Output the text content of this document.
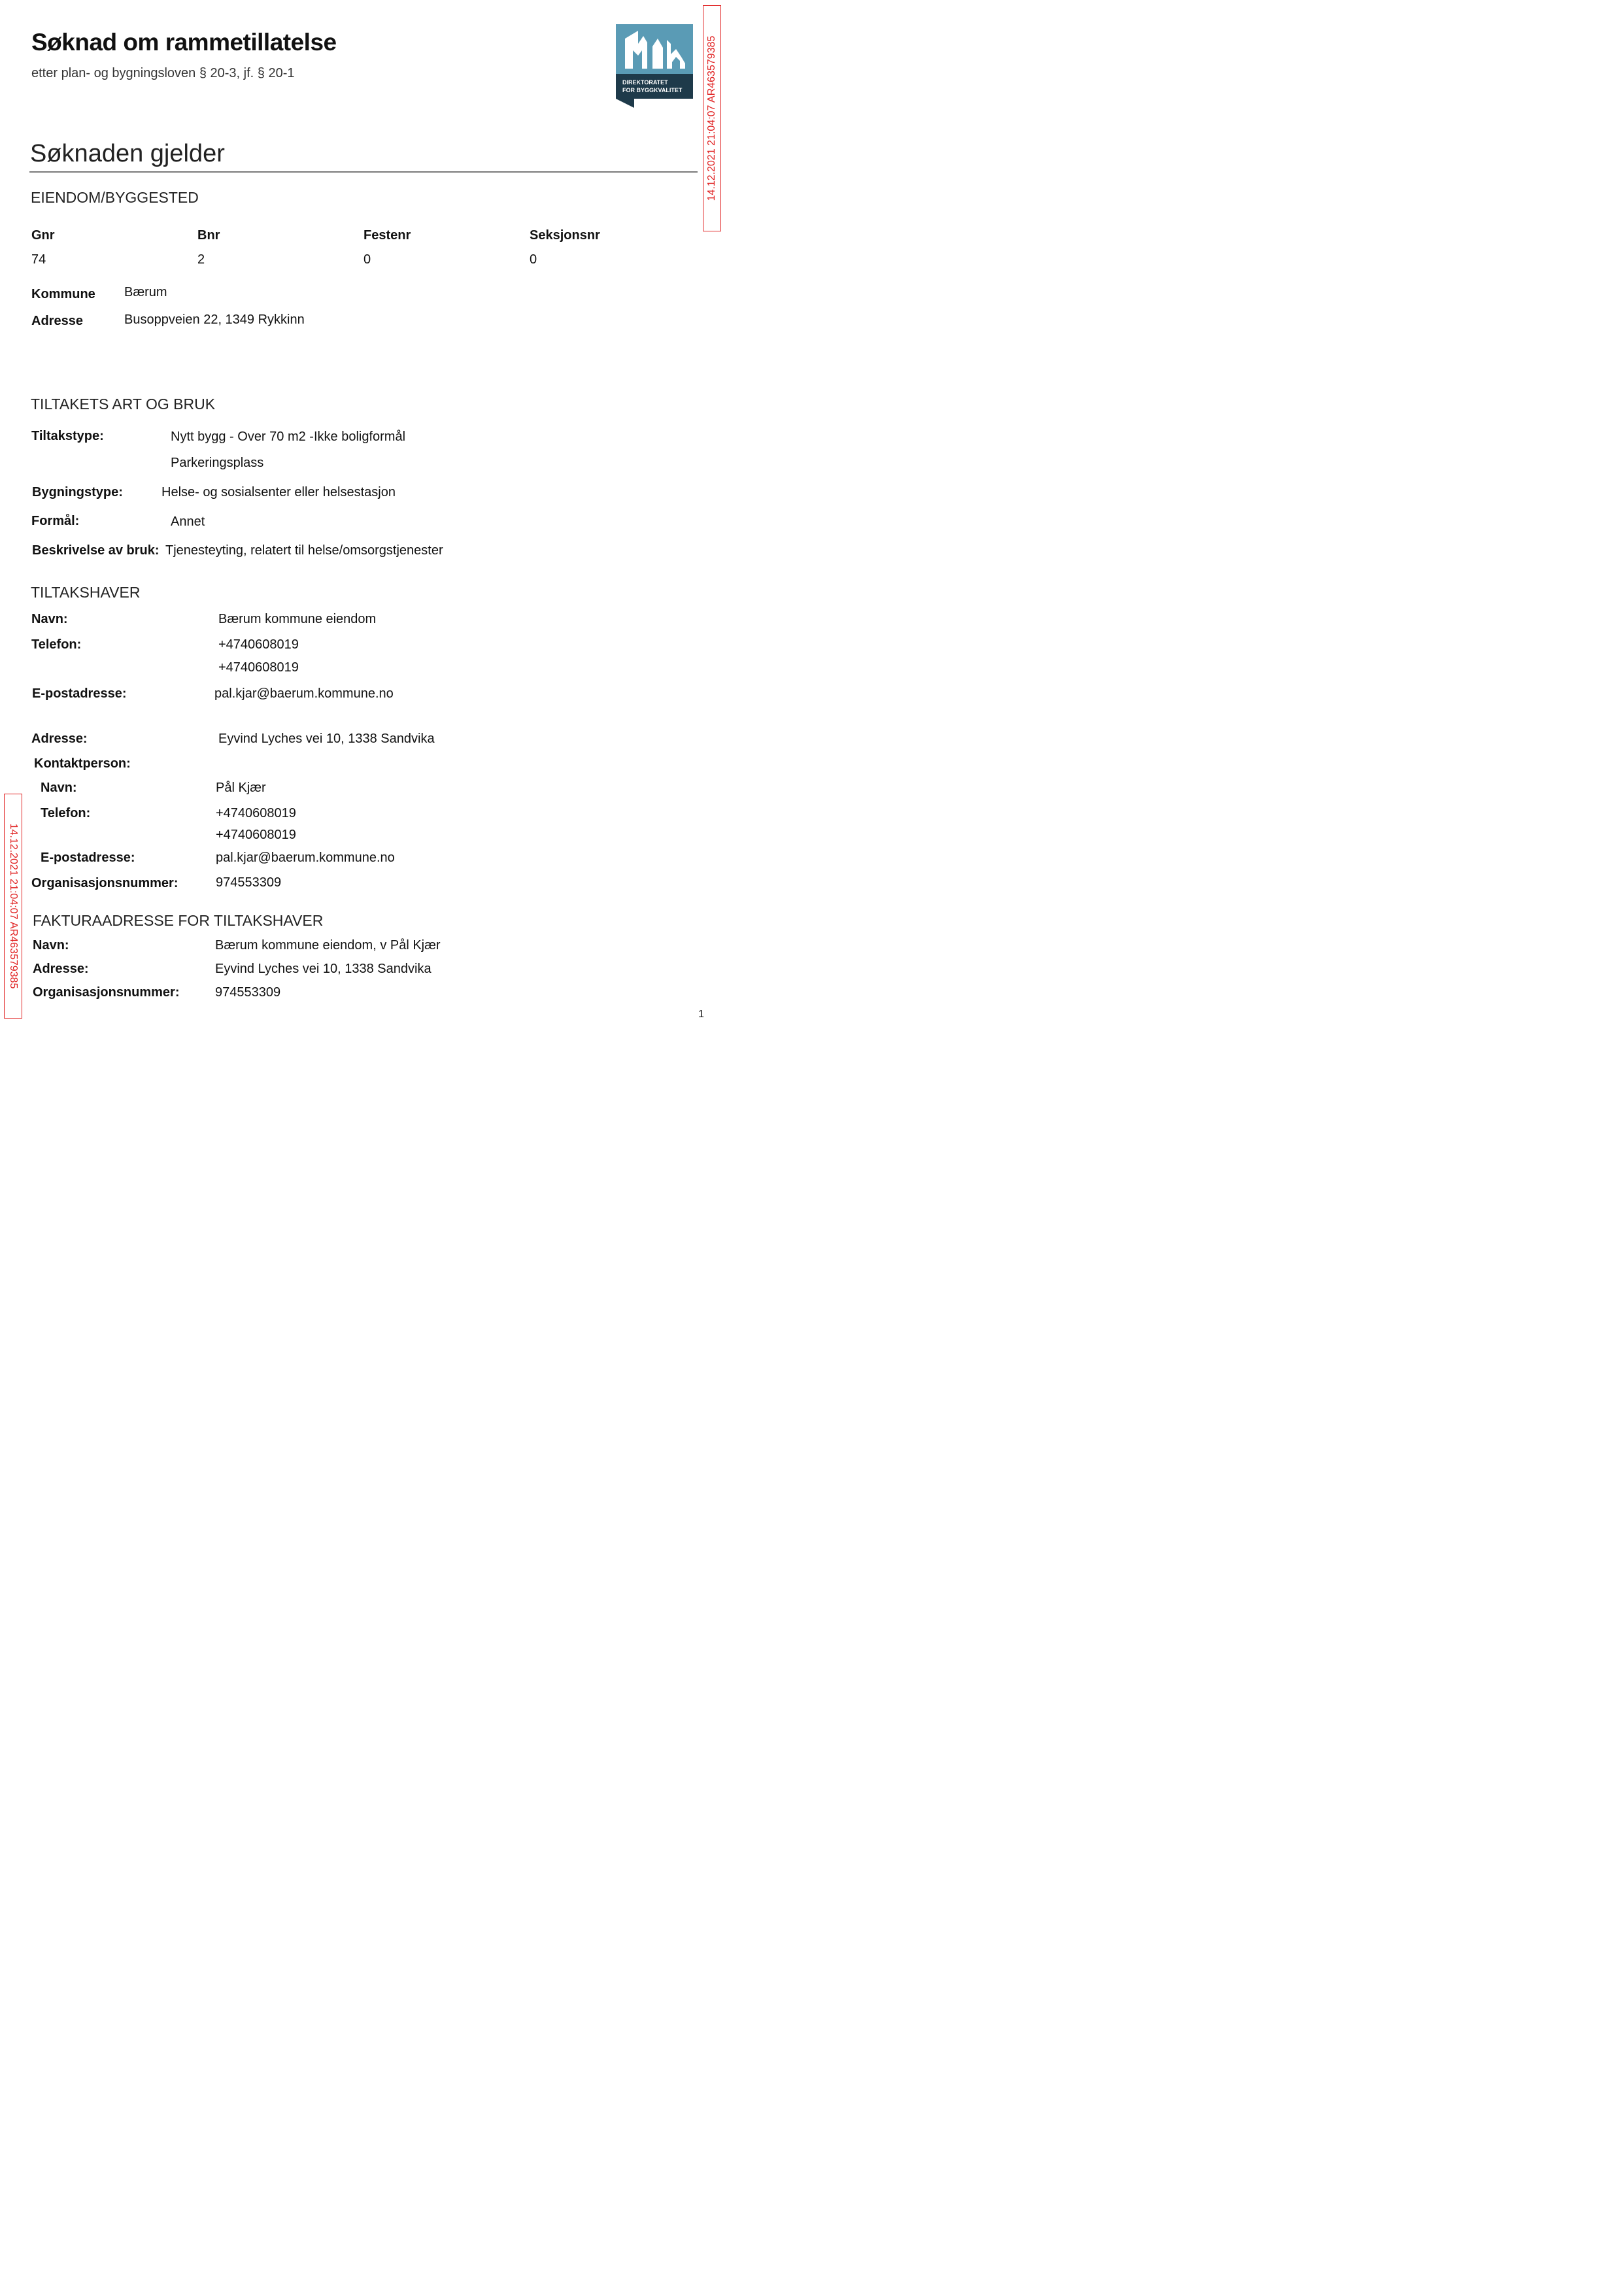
Søknad om rammetillatelse
etter plan- og bygningsloven § 20-3, jf. § 20-1
DIREKTORATET
FOR BYGGKVALITET 14.12.2021 21:04:07 AR463579385
14.12.2021 21:04:07 AR463579385
Søknaden gjelder
EIENDOM/BYGGESTED
Gnr	Bnr	Festenr	Seksjonsnr
74	2	0	0
Kommune Bærum
Adresse	Busoppveien 22, 1349 Rykkinn
TILTAKETS ART OG BRUK
Tiltakstype:	Nytt bygg - Over 70 m2 -Ikke boligformål
Parkeringsplass
Bygningstype:	Helse- og sosialsenter eller helsestasjon
Formål:	Annet
Beskrivelse av bruk: Tjenesteyting, relatert til helse/omsorgstjenester
TILTAKSHAVER
Navn:	Bærum kommune eiendom
Telefon:	+4740608019
+4740608019
E-postadresse:	pal.kjar@baerum.kommune.no
Adresse:	Eyvind Lyches vei 10, 1338 Sandvika
Kontaktperson:
Navn:	Pål Kjær
Telefon:	+4740608019
+4740608019
E-postadresse:	pal.kjar@baerum.kommune.no
Organisasjonsnummer:	974553309
FAKTURAADRESSE FOR TILTAKSHAVER
Navn:	Bærum kommune eiendom, v Pål Kjær
Adresse:	Eyvind Lyches vei 10, 1338 Sandvika
Organisasjonsnummer:	974553309
1
